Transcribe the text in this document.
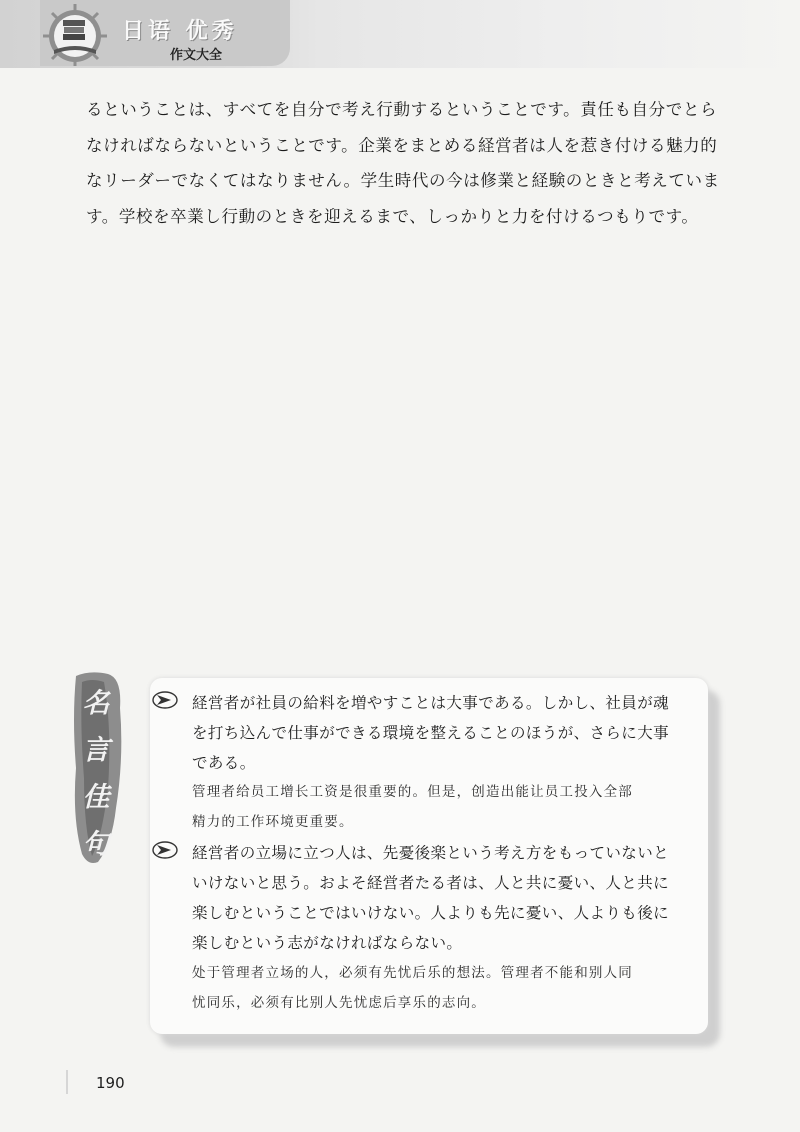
日语 优秀
作文大全

るということは、すべてを自分で考え行動するということです。責任も自分でとら
なければならないということです。企業をまとめる経営者は人を惹き付ける魅力的
なリーダーでなくてはなりません。学生時代の今は修業と経験のときと考えていま
す。学校を卒業し行動のときを迎えるまで、しっかりと力を付けるつもりです。

名
言
佳
句

経営者が社員の給料を増やすことは大事である。しかし、社員が魂
を打ち込んで仕事ができる環境を整えることのほうが、さらに大事
である。

管理者给员工增长工资是很重要的。但是，创造出能让员工投入全部
精力的工作环境更重要。

経営者の立場に立つ人は、先憂後楽という考え方をもっていないと
いけないと思う。およそ経営者たる者は、人と共に憂い、人と共に
楽しむということではいけない。人よりも先に憂い、人よりも後に
楽しむという志がなければならない。

处于管理者立场的人，必须有先忧后乐的想法。管理者不能和别人同
忧同乐，必须有比别人先忧虑后享乐的志向。

190
